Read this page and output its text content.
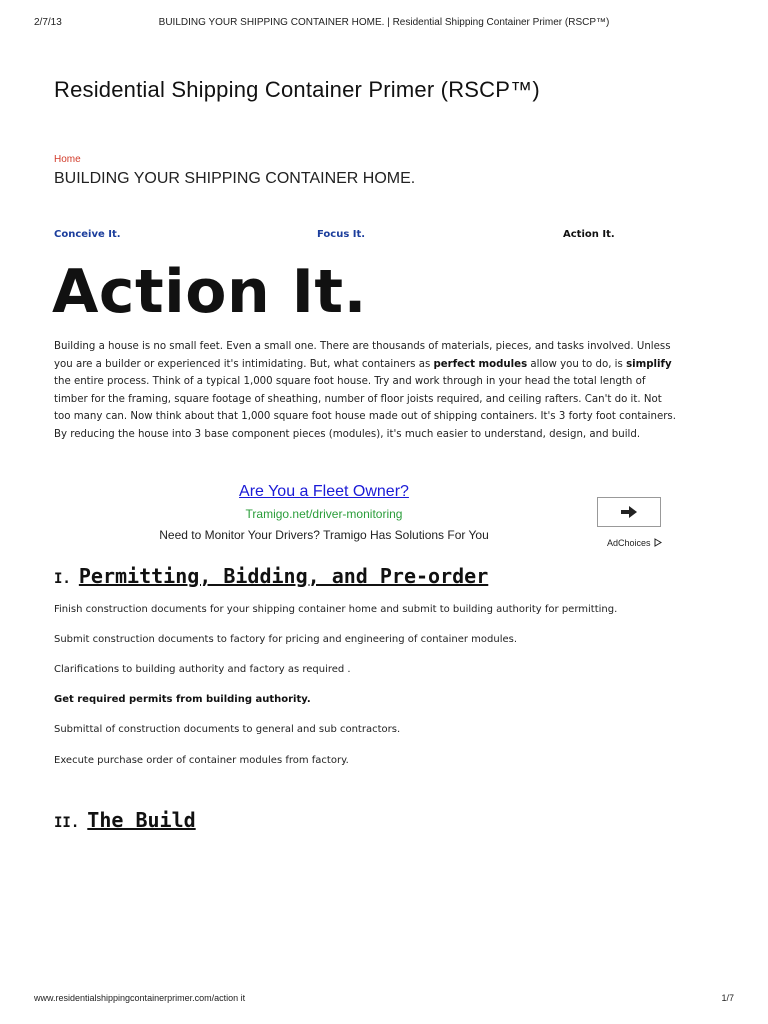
2/7/13	BUILDING YOUR SHIPPING CONTAINER HOME. | Residential Shipping Container Primer (RSCP™)
Residential Shipping Container Primer (RSCP™)
Home
BUILDING YOUR SHIPPING CONTAINER HOME.
Conceive It.	Focus It.	Action It.
Action It.

Building a house is no small feet. Even a small one. There are thousands of materials, pieces, and tasks involved. Unless you are a builder or experienced it's intimidating. But, what containers as perfect modules allow you to do, is simplify the entire process. Think of a typical 1,000 square foot house. Try and work through in your head the total length of timber for the framing, square footage of sheathing, number of floor joists required, and ceiling rafters. Can't do it. Not too many can. Now think about that 1,000 square foot house made out of shipping containers. It's 3 forty foot containers. By reducing the house into 3 base component pieces (modules), it's much easier to understand, design, and build.

Are You a Fleet Owner?
Tramigo.net/driver-monitoring
Need to Monitor Your Drivers? Tramigo Has Solutions For You
AdChoices
I. Permitting, Bidding, and Pre-order
Finish construction documents for your shipping container home and submit to building authority for permitting.
Submit construction documents to factory for pricing and engineering of container modules.
Clarifications to building authority and factory as required .
Get required permits from building authority.
Submittal of construction documents to general and sub contractors.
Execute purchase order of container modules from factory.
II. The Build
www.residentialshippingcontainerprimer.com/action it	1/7
